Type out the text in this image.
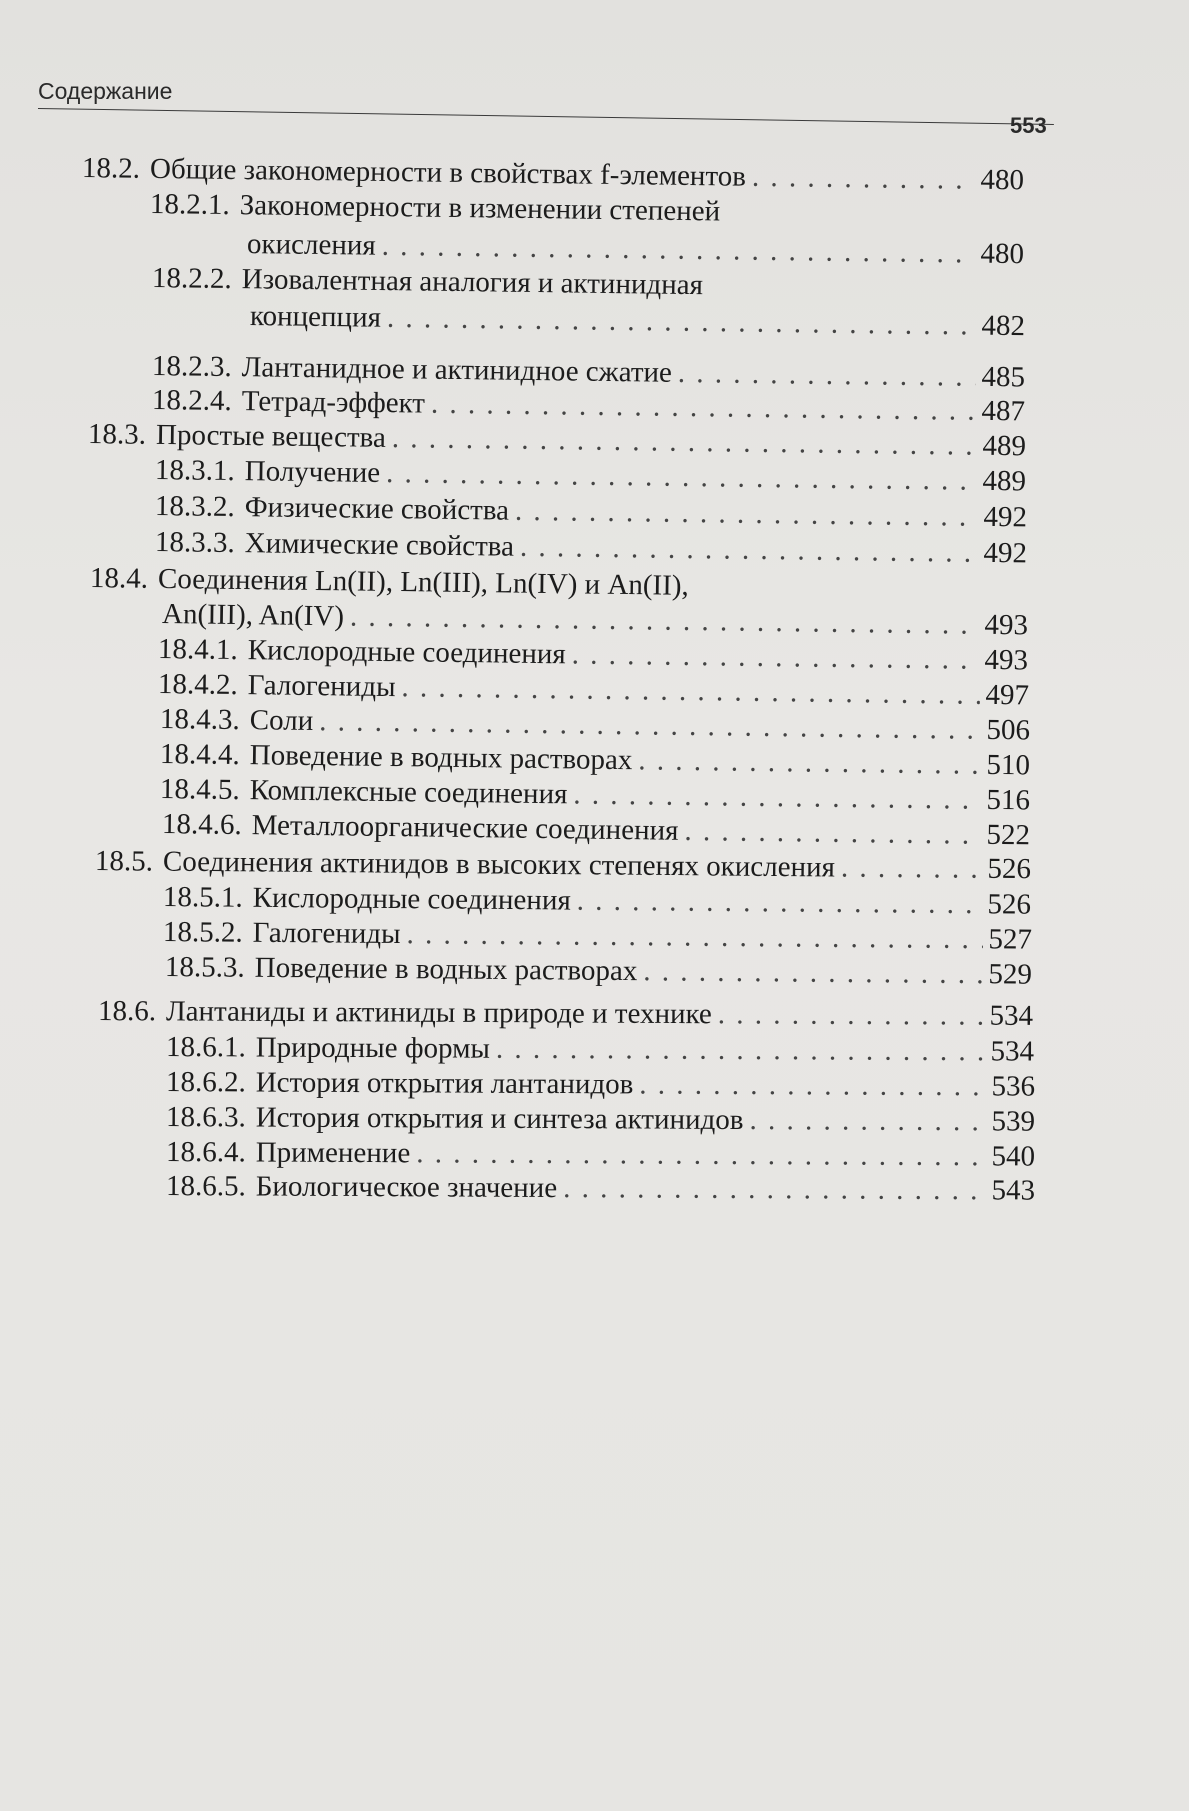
Содержание
553
18.2. Общие закономерности в свойствах f-элементов . . .	480
18.2.1. Закономерности в изменении степеней
окисления . . .	480
18.2.2. Изовалентная аналогия и актинидная
концепция . . .	482
18.2.3. Лантанидное и актинидное сжатие . . .	485
18.2.4. Тетрад-эффект . . .	487
18.3. Простые вещества . . .	489
18.3.1. Получение . . .	489
18.3.2. Физические свойства . . .	492
18.3.3. Химические свойства . . .	492
18.4. Соединения Ln(II), Ln(III), Ln(IV) и An(II),
An(III), An(IV) . . .	493
18.4.1. Кислородные соединения . . .	493
18.4.2. Галогениды . . .	497
18.4.3. Соли . . .	506
18.4.4. Поведение в водных растворах . . .	510
18.4.5. Комплексные соединения . . .	516
18.4.6. Металлоорганические соединения . . .	522
18.5. Соединения актинидов в высоких степенях окисления . . .	526
18.5.1. Кислородные соединения . . .	526
18.5.2. Галогениды . . .	527
18.5.3. Поведение в водных растворах . . .	529
18.6. Лантаниды и актиниды в природе и технике . . .	534
18.6.1. Природные формы . . .	534
18.6.2. История открытия лантанидов . . .	536
18.6.3. История открытия и синтеза актинидов . . .	539
18.6.4. Применение . . .	540
18.6.5. Биологическое значение . . .	543
